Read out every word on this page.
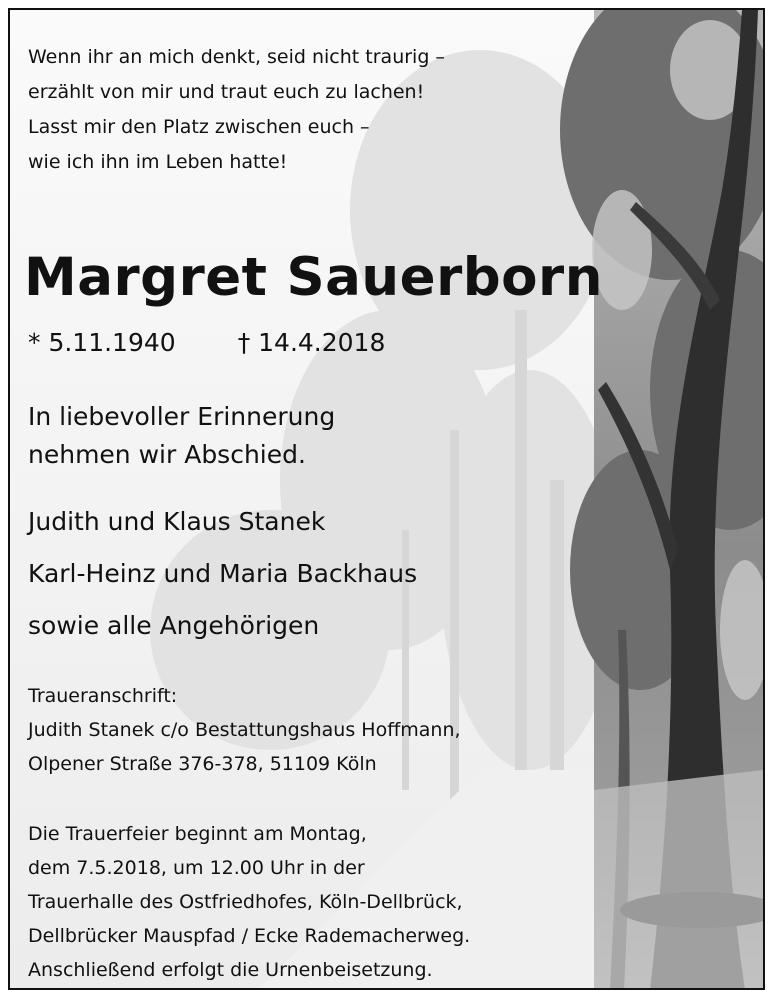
Wenn ihr an mich denkt, seid nicht traurig –
erzählt von mir und traut euch zu lachen!
Lasst mir den Platz zwischen euch –
wie ich ihn im Leben hatte!

Margret Sauerborn

* 5.11.1940 † 14.4.2018

In liebevoller Erinnerung
nehmen wir Abschied.

Judith und Klaus Stanek
Karl-Heinz und Maria Backhaus
sowie alle Angehörigen

Traueranschrift:
Judith Stanek c/o Bestattungshaus Hoffmann,
Olpener Straße 376-378, 51109 Köln

Die Trauerfeier beginnt am Montag,
dem 7.5.2018, um 12.00 Uhr in der
Trauerhalle des Ostfriedhofes, Köln-Dellbrück,
Dellbrücker Mauspfad / Ecke Rademacherweg.
Anschließend erfolgt die Urnenbeisetzung.
